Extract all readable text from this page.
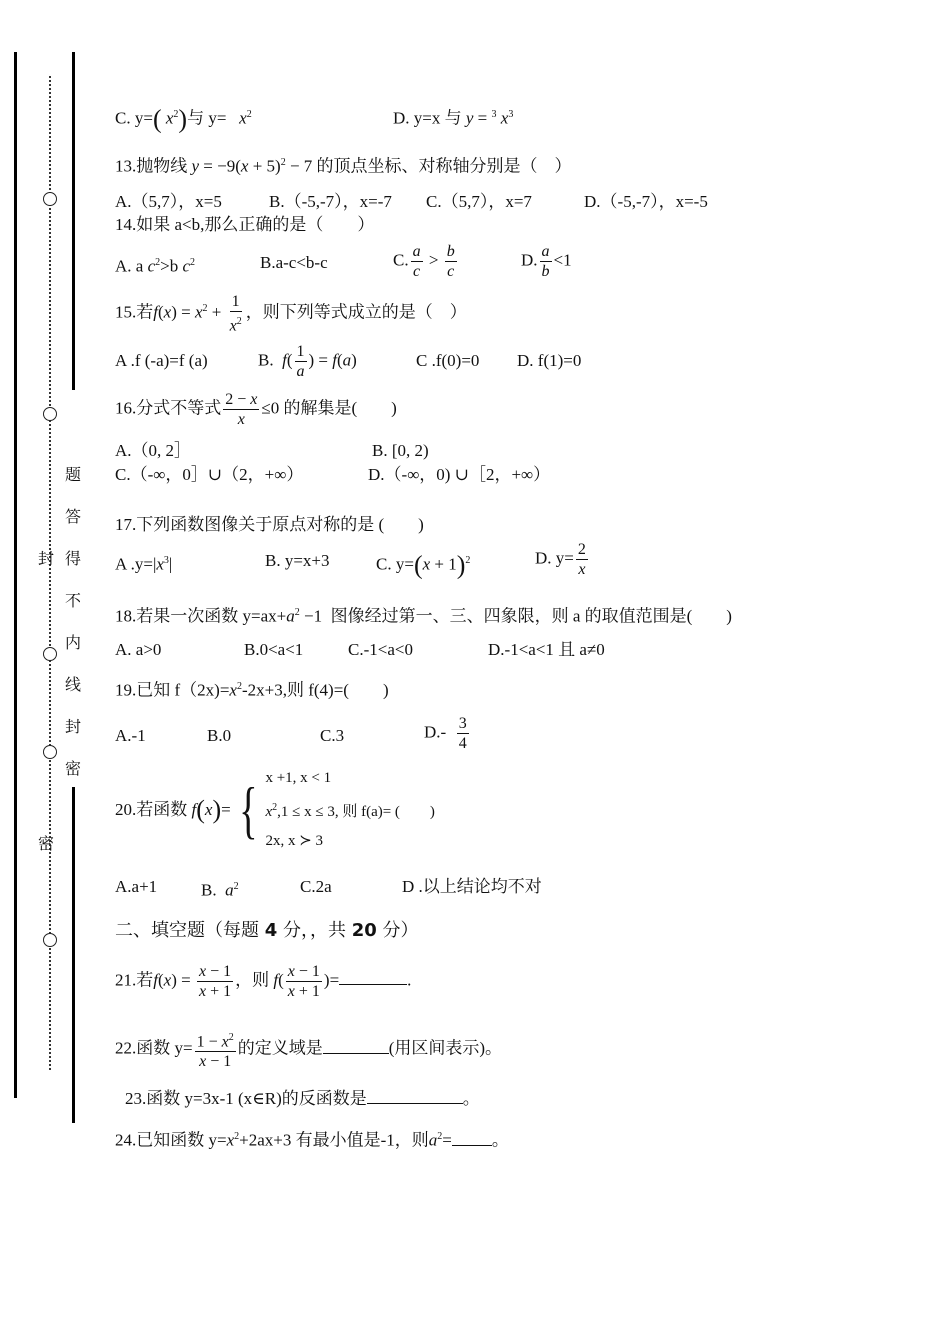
题
答
得
不
内
线
封
密
封
密
C. y=( $x^2$)与 $y= x^2$	D. y=x 与 y = $^3$ $x^3$
13.抛物线 $y = -9(x + 5)^2 - 7$ 的顶点坐标、对称轴分别是（　）
A.（5,7），x=5	B.（-5,-7），x=-7 C.（5,7），x=7	D.（-5,-7），x=-5
14.如果 a<b,那么正确的是（　　）
A. a $c^2>b$ $c^2$	B.a-c<b-c	C. $\frac{a}{c} > \frac{b}{c}$	D. $\frac{a}{b} <1$
15.若$f(x) = x^2 + \frac{1}{x^2}$ ，则下列等式成立的是（　）
A .f (-a)=f (a)	B. $f( \frac{1}{a}$ ) = f(a)	C .f(0)=0 D. f(1)=0
16.分式不等式 $\frac{2 - x}{x} \le 0$ 的解集是(　　)
A.（0, 2］	B. [0, 2)
C.（-∞，0］∪（2，+∞）	D.（-∞，0) ∪［2，+∞）
17.下列函数图像关于原点对称的是 (　　)
A $.y=|x^3|$	B. y=x+3	C. $y=(x + 1)^2$	D. $y= \frac{2}{x}$
18.若果一次函数 $y=ax+a^2 -1$  图像经过第一、三、四象限，则 a 的取值范围是(　　)
A. a>0	B.0<a<1	C.-1<a<0	D.-1<a<1 且 a≠0
19.已知 $f(2x)=x^2-2x+3$,则 f(4)=(　　)
A.-1	B.0	C.3	$D.- \frac{3}{4}$
20.若函数
f ( x ) = { x +1, x < 1
$x^2,1 \le x \le 3$, 则 f(a)= (　　)
2x, x ≻ 3
A.a+1	B. $a^2$	C.2a	D .以上结论均不对
二、填空题（每题 4 分，，共 20 分）
21.若$f(x) = \frac{x - 1}{x + 1}$ ，则 $f( \frac{x - 1}{x + 1}$ )=	.
22.函数 $y= \frac{1 - x^2}{x - 1}$ 的定义域是	(用区间表示)。
23.函数 y=3x-1 (x∈R)的反函数是	。
24.已知函数 $y=x^2+2ax+3$ 有最小值是-1，则$a^2=$ 。
